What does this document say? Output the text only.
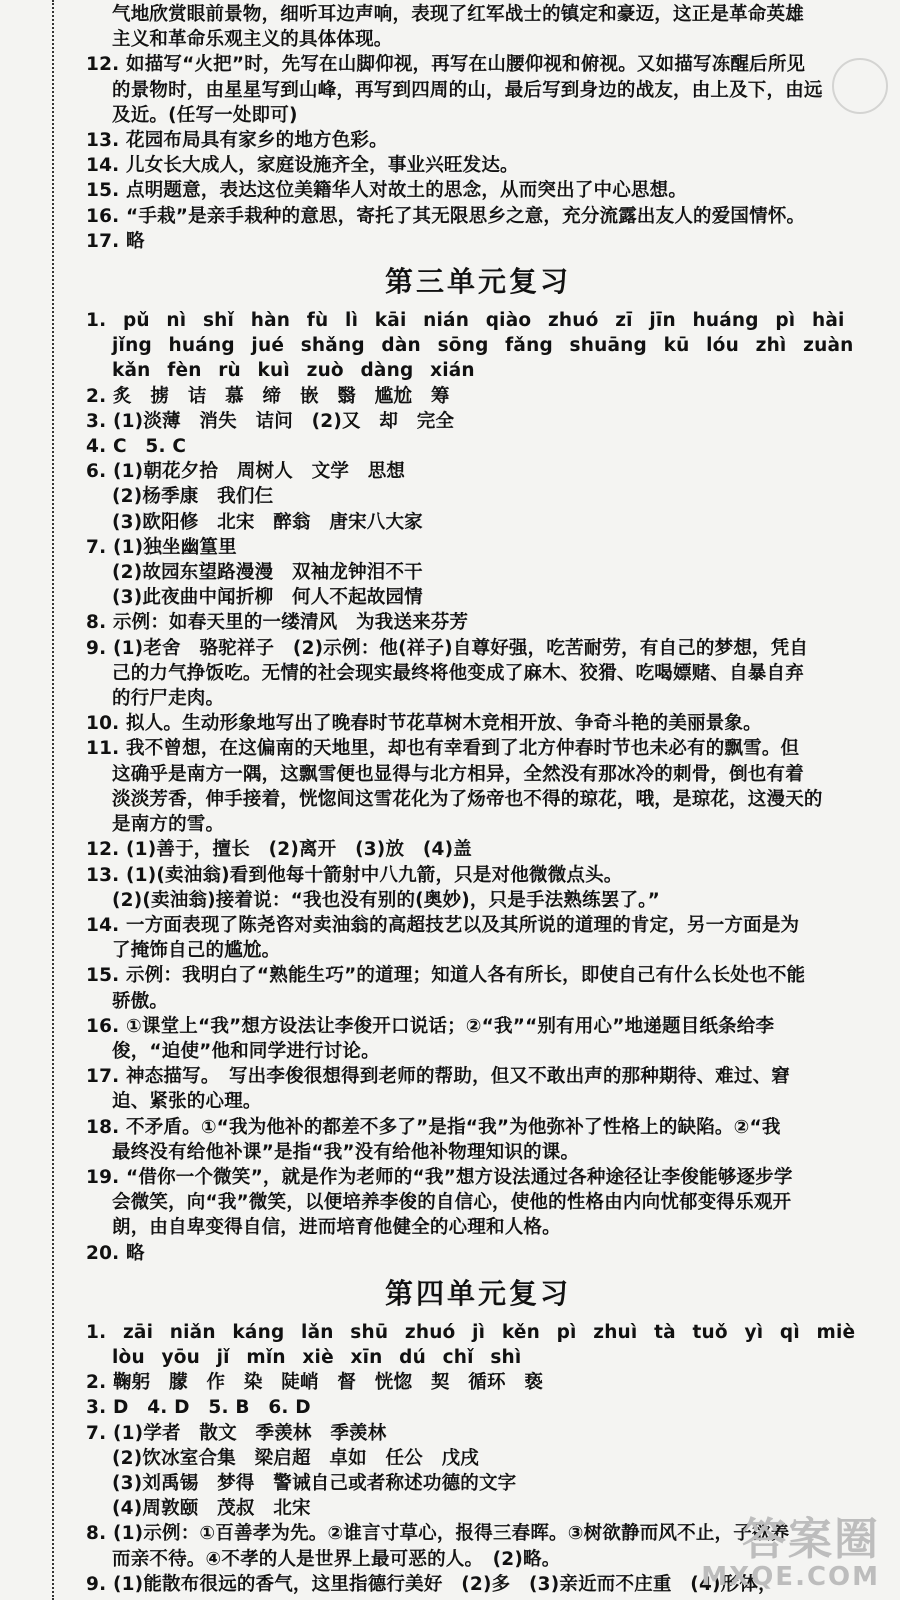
气地欣赏眼前景物，细听耳边声响，表现了红军战士的镇定和豪迈，这正是革命英雄
主义和革命乐观主义的具体体现。
12. 如描写“火把”时，先写在山脚仰视，再写在山腰仰视和俯视。又如描写冻醒后所见
的景物时，由星星写到山峰，再写到四周的山，最后写到身边的战友，由上及下，由远
及近。(任写一处即可)
13. 花园布局具有家乡的地方色彩。
14. 儿女长大成人，家庭设施齐全，事业兴旺发达。
15. 点明题意，表达这位美籍华人对故土的思念，从而突出了中心思想。
16. “手栽”是亲手栽种的意思，寄托了其无限思乡之意，充分流露出友人的爱国情怀。
17. 略
第三单元复习
1. pǔ nì shǐ hàn fù lì kāi nián qiào zhuó zī jīn huáng pì hài
jǐng huáng jué shǎng dàn sōng fǎng shuāng kū lóu zhì zuàn
kǎn fèn rù kuì zuò dàng xián
2. 炙　掳　诘　慕　缔　嵌　翳　尴尬　筹
3. (1)淡薄　消失　诘问　(2)又　却　完全
4. C　5. C
6. (1)朝花夕拾　周树人　文学　思想
(2)杨季康　我们仨
(3)欧阳修　北宋　醉翁　唐宋八大家
7. (1)独坐幽篁里
(2)故园东望路漫漫　双袖龙钟泪不干
(3)此夜曲中闻折柳　何人不起故园情
8. 示例：如春天里的一缕清风　为我送来芬芳
9. (1)老舍　骆驼祥子　(2)示例：他(祥子)自尊好强，吃苦耐劳，有自己的梦想，凭自
己的力气挣饭吃。无情的社会现实最终将他变成了麻木、狡猾、吃喝嫖赌、自暴自弃
的行尸走肉。
10. 拟人。生动形象地写出了晚春时节花草树木竞相开放、争奇斗艳的美丽景象。
11. 我不曾想，在这偏南的天地里，却也有幸看到了北方仲春时节也未必有的飘雪。但
这确乎是南方一隅，这飘雪便也显得与北方相异，全然没有那冰冷的刺骨，倒也有着
淡淡芳香，伸手接着，恍惚间这雪花化为了炀帝也不得的琼花，哦，是琼花，这漫天的
是南方的雪。
12. (1)善于，擅长　(2)离开　(3)放　(4)盖
13. (1)(卖油翁)看到他每十箭射中八九箭，只是对他微微点头。
(2)(卖油翁)接着说：“我也没有别的(奥妙)，只是手法熟练罢了。”
14. 一方面表现了陈尧咨对卖油翁的高超技艺以及其所说的道理的肯定，另一方面是为
了掩饰自己的尴尬。
15. 示例：我明白了“熟能生巧”的道理；知道人各有所长，即使自己有什么长处也不能
骄傲。
16. ①课堂上“我”想方设法让李俊开口说话；②“我”“别有用心”地递题目纸条给李
俊，“迫使”他和同学进行讨论。
17. 神态描写。　写出李俊很想得到老师的帮助，但又不敢出声的那种期待、难过、窘
迫、紧张的心理。
18. 不矛盾。①“我为他补的都差不多了”是指“我”为他弥补了性格上的缺陷。②“我
最终没有给他补课”是指“我”没有给他补物理知识的课。
19. “借你一个微笑”，就是作为老师的“我”想方设法通过各种途径让李俊能够逐步学
会微笑，向“我”微笑，以便培养李俊的自信心，使他的性格由内向忧郁变得乐观开
朗，由自卑变得自信，进而培育他健全的心理和人格。
20. 略
第四单元复习
1. zāi niǎn káng lǎn shū zhuó jì kěn pì zhuì tà tuǒ yì qì miè
lòu yōu jǐ mǐn xiè xīn dú chǐ shì
2. 鞠躬　朦　作　染　陡峭　督　恍惚　契　循环　亵
3. D　4. D　5. B　6. D
7. (1)学者　散文　季羡林　季羡林
(2)饮冰室合集　梁启超　卓如　任公　戊戌
(3)刘禹锡　梦得　警诫自己或者称述功德的文字
(4)周敦颐　茂叔　北宋
8. (1)示例：①百善孝为先。②谁言寸草心，报得三春晖。③树欲静而风不止，子欲养
而亲不待。④不孝的人是世界上最可恶的人。　(2)略。
9. (1)能散布很远的香气，这里指德行美好　(2)多　(3)亲近而不庄重　(4)形体，
答案圈
MXQE.COM
